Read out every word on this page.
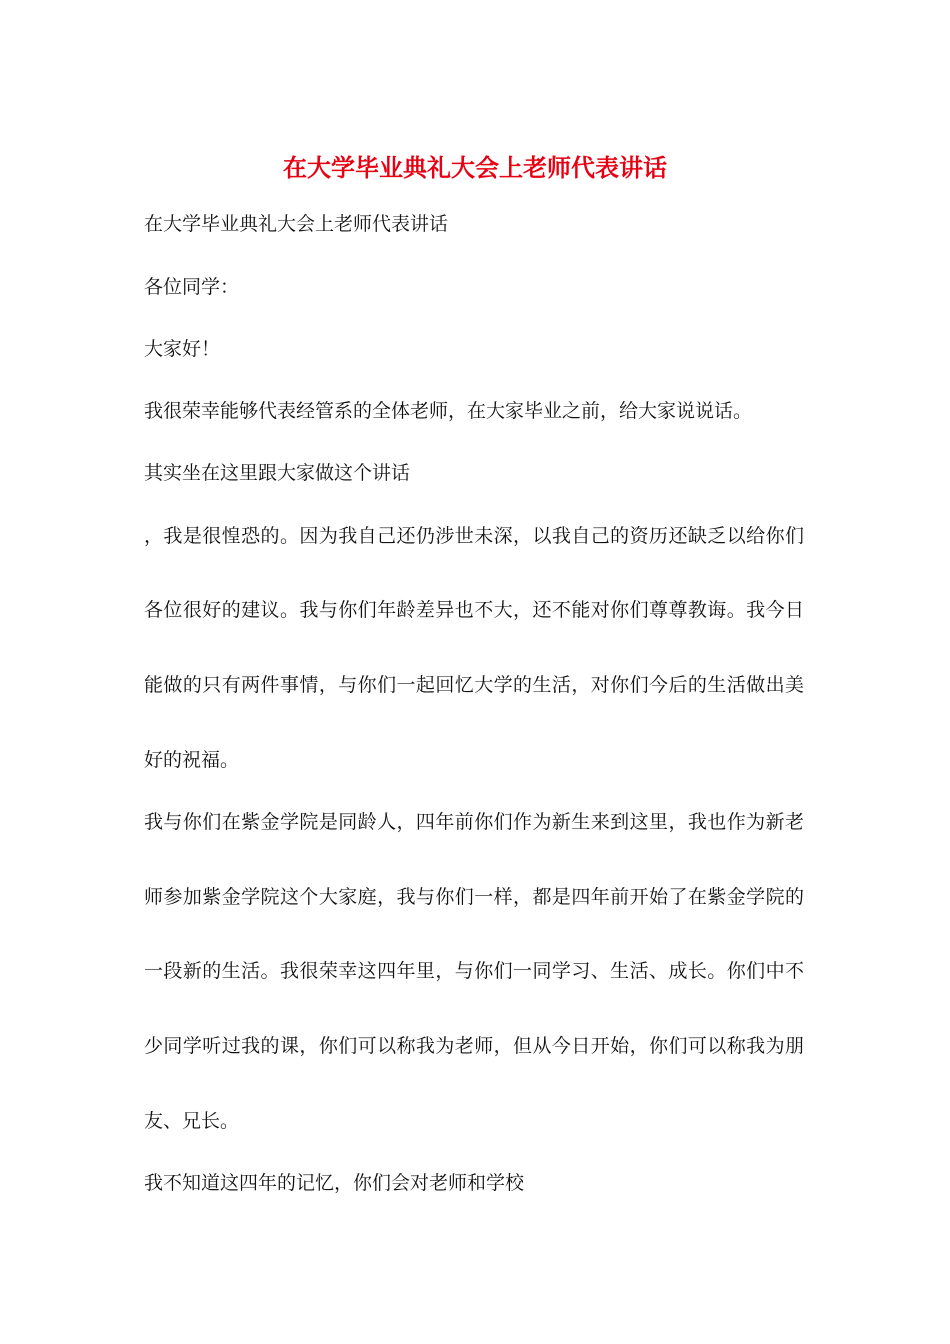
在大学毕业典礼大会上老师代表讲话

在大学毕业典礼大会上老师代表讲话

各位同学：

大家好！

我很荣幸能够代表经管系的全体老师，在大家毕业之前，给大家说说话。

其实坐在这里跟大家做这个讲话

，我是很惶恐的。因为我自己还仍涉世未深，以我自己的资历还缺乏以给你们

各位很好的建议。我与你们年龄差异也不大，还不能对你们尊尊教诲。我今日

能做的只有两件事情，与你们一起回忆大学的生活，对你们今后的生活做出美

好的祝福。

我与你们在紫金学院是同龄人，四年前你们作为新生来到这里，我也作为新老

师参加紫金学院这个大家庭，我与你们一样，都是四年前开始了在紫金学院的

一段新的生活。我很荣幸这四年里，与你们一同学习、生活、成长。你们中不

少同学听过我的课，你们可以称我为老师，但从今日开始，你们可以称我为朋

友、兄长。

我不知道这四年的记忆，你们会对老师和学校
